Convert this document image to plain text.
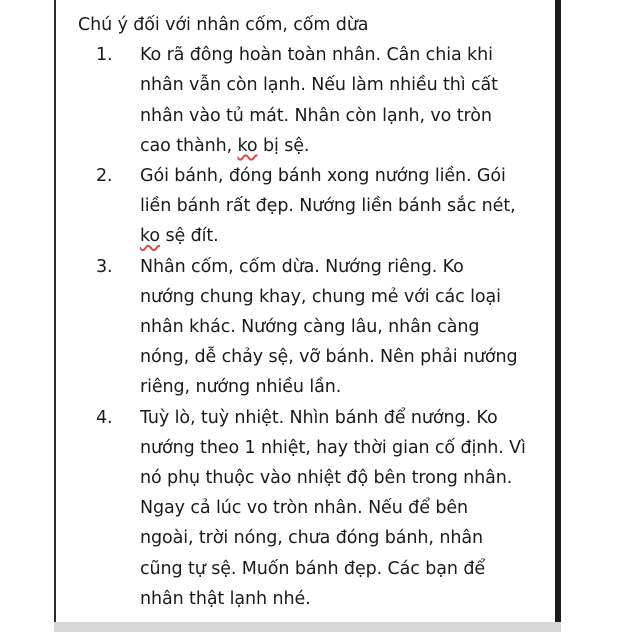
Chú ý đối với nhân cốm, cốm dừa
1.	Ko rã đông hoàn toàn nhân. Cân chia khi
nhân vẫn còn lạnh. Nếu làm nhiều thì cất
nhân vào tủ mát. Nhân còn lạnh, vo tròn
cao thành, ko bị sệ.
2.	Gói bánh, đóng bánh xong nướng liền. Gói
liền bánh rất đẹp. Nướng liền bánh sắc nét,
ko sệ đít.
3.	Nhân cốm, cốm dừa. Nướng riêng. Ko
nướng chung khay, chung mẻ với các loại
nhân khác. Nướng càng lâu, nhân càng
nóng, dễ chảy sệ, vỡ bánh. Nên phải nướng
riêng, nướng nhiều lần.
4.	Tuỳ lò, tuỳ nhiệt. Nhìn bánh để nướng. Ko
nướng theo 1 nhiệt, hay thời gian cố định. Vì
nó phụ thuộc vào nhiệt độ bên trong nhân.
Ngay cả lúc vo tròn nhân. Nếu để bên
ngoài, trời nóng, chưa đóng bánh, nhân
cũng tự sệ. Muốn bánh đẹp. Các bạn để
nhân thật lạnh nhé.
